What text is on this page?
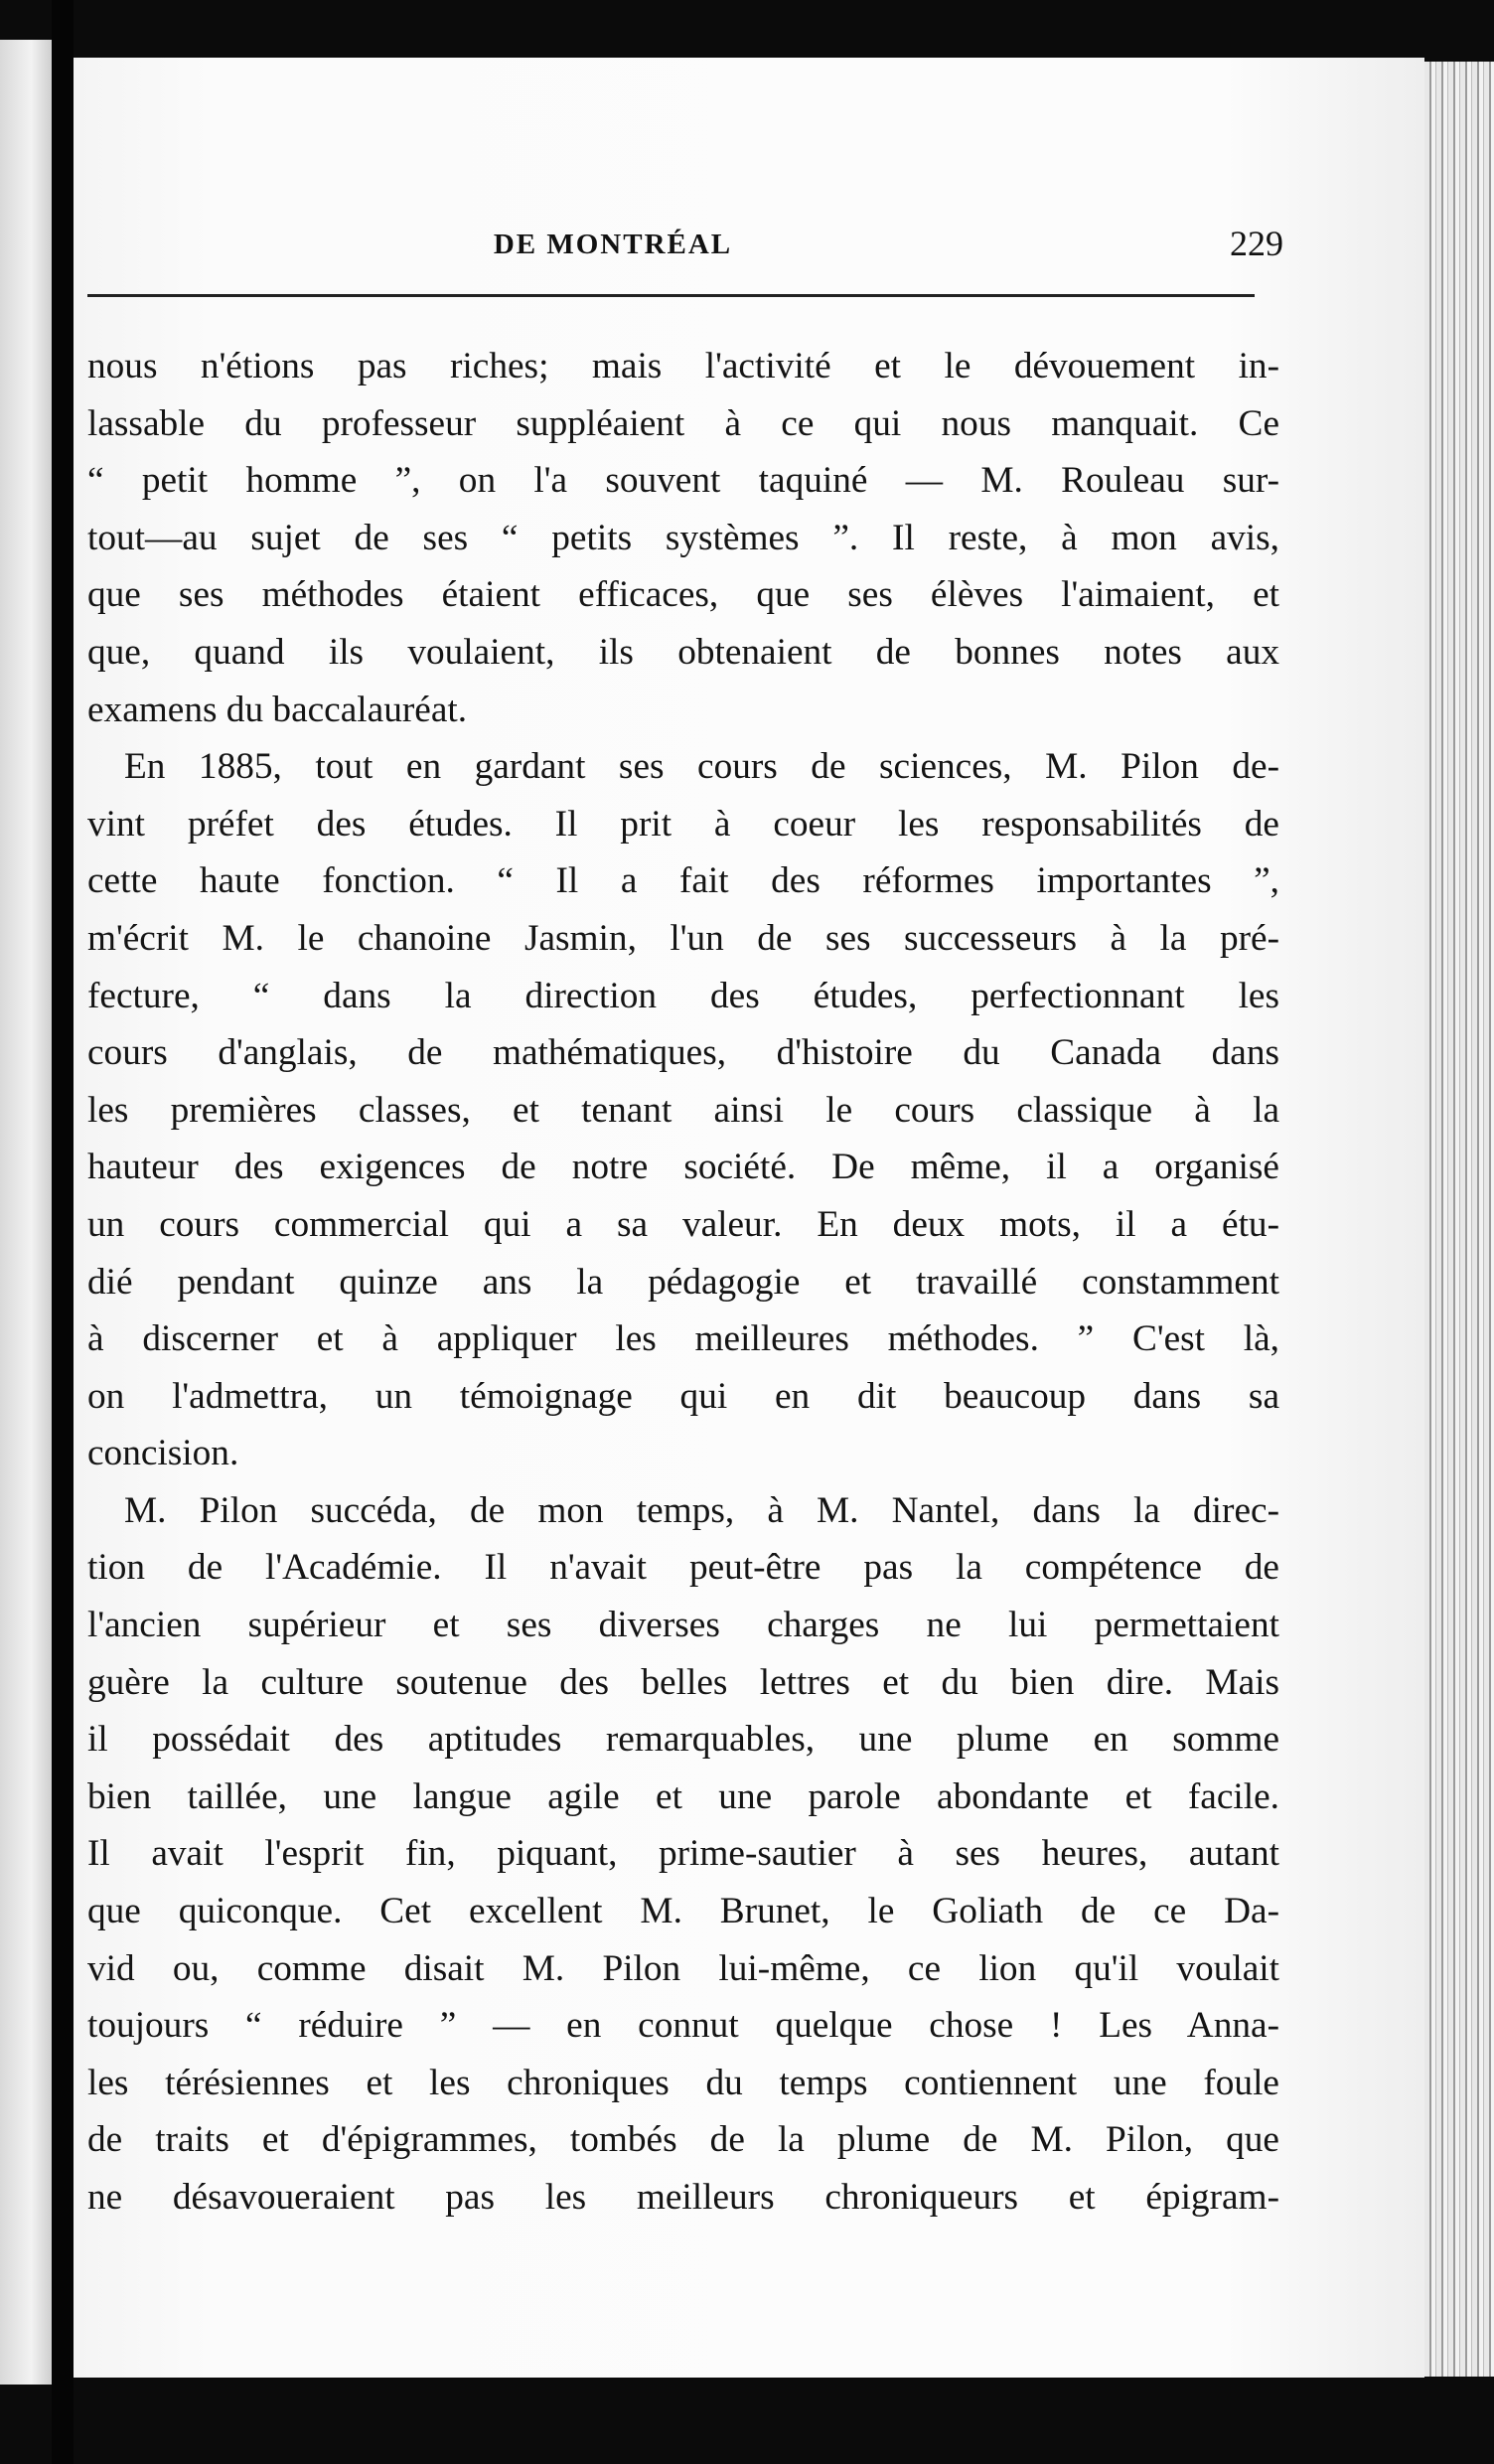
DE MONTRÉAL	229
nous n'étions pas riches; mais l'activité et le dévouement in-
lassable du professeur suppléaient à ce qui nous manquait. Ce
“ petit homme ”, on l'a souvent taquiné — M. Rouleau sur-
tout—au sujet de ses “ petits systèmes ”. Il reste, à mon avis,
que ses méthodes étaient efficaces, que ses élèves l'aimaient, et
que, quand ils voulaient, ils obtenaient de bonnes notes aux
examens du baccalauréat.
En 1885, tout en gardant ses cours de sciences, M. Pilon de-
vint préfet des études. Il prit à coeur les responsabilités de
cette haute fonction. “ Il a fait des réformes importantes ”,
m'écrit M. le chanoine Jasmin, l'un de ses successeurs à la pré-
fecture, “ dans la direction des études, perfectionnant les
cours d'anglais, de mathématiques, d'histoire du Canada dans
les premières classes, et tenant ainsi le cours classique à la
hauteur des exigences de notre société. De même, il a organisé
un cours commercial qui a sa valeur. En deux mots, il a étu-
dié pendant quinze ans la pédagogie et travaillé constamment
à discerner et à appliquer les meilleures méthodes. ” C'est là,
on l'admettra, un témoignage qui en dit beaucoup dans sa
concision.
M. Pilon succéda, de mon temps, à M. Nantel, dans la direc-
tion de l'Académie. Il n'avait peut-être pas la compétence de
l'ancien supérieur et ses diverses charges ne lui permettaient
guère la culture soutenue des belles lettres et du bien dire. Mais
il possédait des aptitudes remarquables, une plume en somme
bien taillée, une langue agile et une parole abondante et facile.
Il avait l'esprit fin, piquant, prime-sautier à ses heures, autant
que quiconque. Cet excellent M. Brunet, le Goliath de ce Da-
vid ou, comme disait M. Pilon lui-même, ce lion qu'il voulait
toujours “ réduire ” — en connut quelque chose ! Les Anna-
les térésiennes et les chroniques du temps contiennent une foule
de traits et d'épigrammes, tombés de la plume de M. Pilon, que
ne désavoueraient pas les meilleurs chroniqueurs et épigram-
